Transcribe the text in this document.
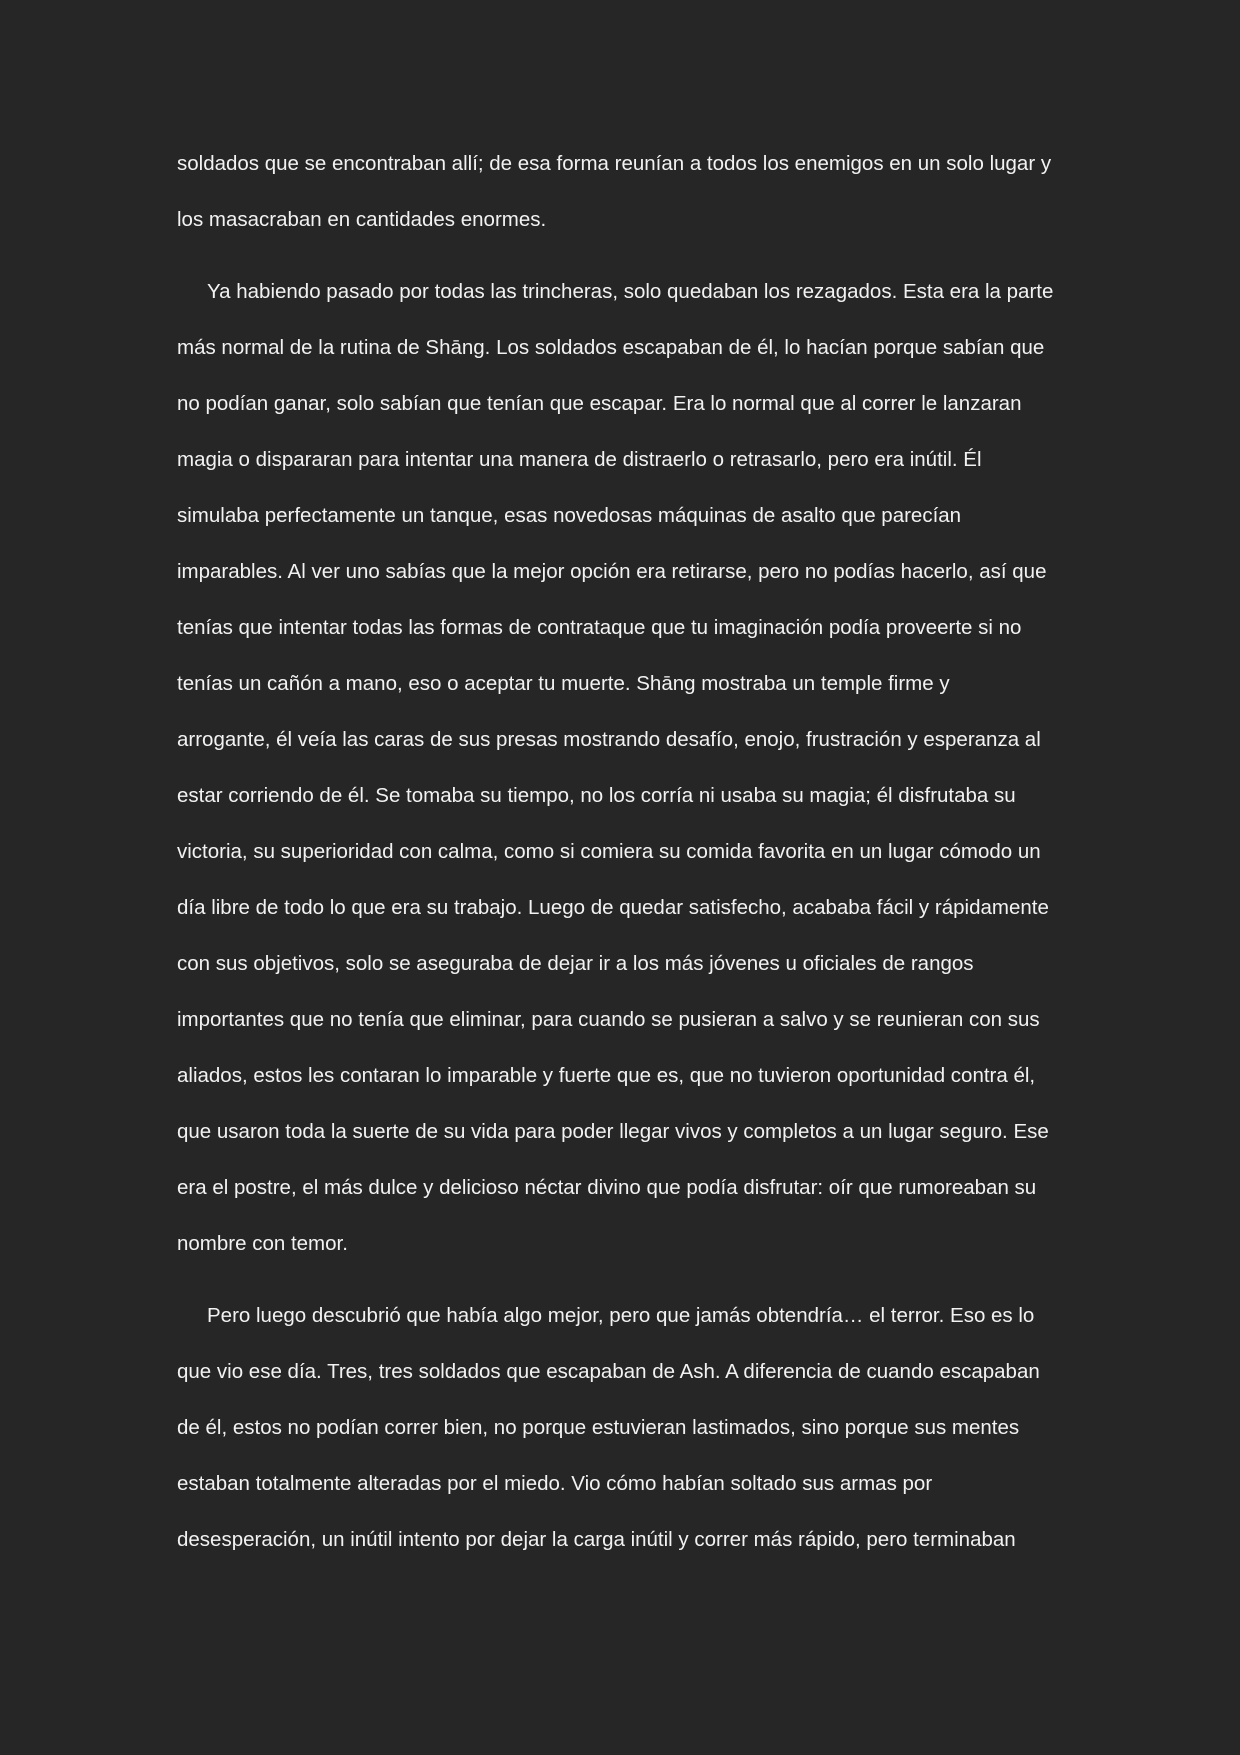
soldados que se encontraban allí; de esa forma reunían a todos los enemigos en un solo lugar y
los masacraban en cantidades enormes.
Ya habiendo pasado por todas las trincheras, solo quedaban los rezagados. Esta era la parte
más normal de la rutina de Shāng. Los soldados escapaban de él, lo hacían porque sabían que
no podían ganar, solo sabían que tenían que escapar. Era lo normal que al correr le lanzaran
magia o dispararan para intentar una manera de distraerlo o retrasarlo, pero era inútil. Él
simulaba perfectamente un tanque, esas novedosas máquinas de asalto que parecían
imparables. Al ver uno sabías que la mejor opción era retirarse, pero no podías hacerlo, así que
tenías que intentar todas las formas de contrataque que tu imaginación podía proveerte si no
tenías un cañón a mano, eso o aceptar tu muerte. Shāng mostraba un temple firme y
arrogante, él veía las caras de sus presas mostrando desafío, enojo, frustración y esperanza al
estar corriendo de él. Se tomaba su tiempo, no los corría ni usaba su magia; él disfrutaba su
victoria, su superioridad con calma, como si comiera su comida favorita en un lugar cómodo un
día libre de todo lo que era su trabajo. Luego de quedar satisfecho, acababa fácil y rápidamente
con sus objetivos, solo se aseguraba de dejar ir a los más jóvenes u oficiales de rangos
importantes que no tenía que eliminar, para cuando se pusieran a salvo y se reunieran con sus
aliados, estos les contaran lo imparable y fuerte que es, que no tuvieron oportunidad contra él,
que usaron toda la suerte de su vida para poder llegar vivos y completos a un lugar seguro. Ese
era el postre, el más dulce y delicioso néctar divino que podía disfrutar: oír que rumoreaban su
nombre con temor.
Pero luego descubrió que había algo mejor, pero que jamás obtendría… el terror. Eso es lo
que vio ese día. Tres, tres soldados que escapaban de Ash. A diferencia de cuando escapaban
de él, estos no podían correr bien, no porque estuvieran lastimados, sino porque sus mentes
estaban totalmente alteradas por el miedo. Vio cómo habían soltado sus armas por
desesperación, un inútil intento por dejar la carga inútil y correr más rápido, pero terminaban
